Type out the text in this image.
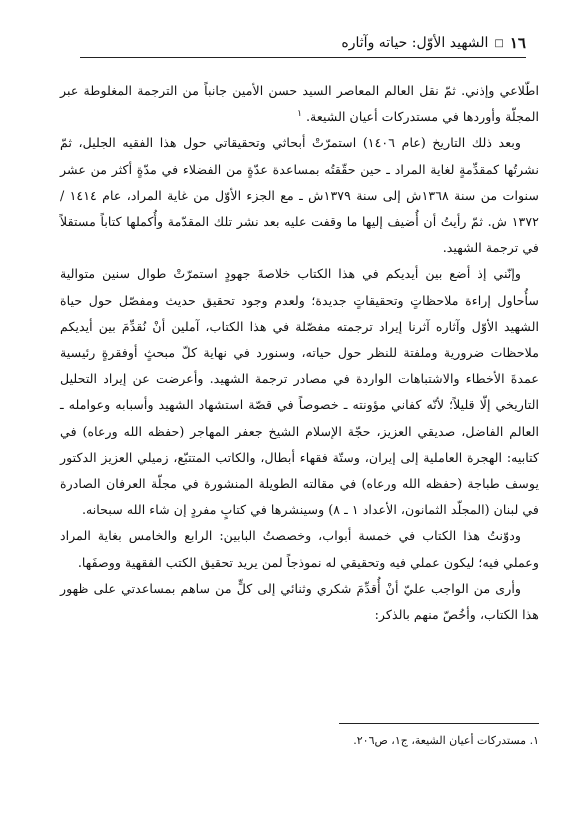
١٦
□
الشهيد الأوّل: حياته وآثاره

اطّلاعي وإذني. ثمّ نقل العالم المعاصر السيد حسن الأمين جانباً من الترجمة المغلوطة عبر المجلّة وأوردها في مستدركات أعيان الشيعة. $^١$

وبعد ذلك التاريخ (عام ١٤٠٦) استمرّتْ أبحاثي وتحقيقاتي حول هذا الفقيه الجليل، ثمّ نشرتُها كمقدِّمةٍ لغاية المراد ـ حين حقّقتُه بمساعدة عدّةٍ من الفضلاء في مدّةٍ أكثر من عشر سنوات من سنة ١٣٦٨ش إلى سنة ١٣٧٩ش ـ مع الجزء الأوّل من غاية المراد، عام ١٤١٤ / ١٣٧٢ ش. ثمّ رأيتُ أن أُضيف إليها ما وقفت عليه بعد نشر تلك المقدّمة وأُكملها كتاباً مستقلاً في ترجمة الشهيد.

وإنّني إذ أضع بين أيديكم في هذا الكتاب خلاصةَ جهودٍ استمرّتْ طوال سنين متوالية سأُحاول إراءة ملاحظاتٍ وتحقيقاتٍ جديدة؛ ولعدم وجود تحقيق حديث ومفصّل حول حياة الشهيد الأوّل وآثاره آثرنا إيراد ترجمته مفصّلة في هذا الكتاب، آملين أنْ نُقدِّمَ بين أيديكم ملاحظات ضرورية وملفتة للنظر حول حياته، وسنورد في نهاية كلّ مبحثٍ أوفقرةٍ رئيسية عمدةَ الأخطاء والاشتباهات الواردة في مصادر ترجمة الشهيد. وأعرضت عن إيراد التحليل التاريخي إلّا قليلاً؛ لأنّه كفاني مؤونته ـ خصوصاً في قصّة استشهاد الشهيد وأسبابه وعوامله ـ العالم الفاضل، صديقي العزيز، حجّة الإسلام الشيخ جعفر المهاجر (حفظه الله ورعاه) في كتابيه: الهجرة العاملية إلى إيران، وستّة فقهاء أبطال، والكاتب المتتبّع، زميلي العزيز الدكتور يوسف طباجة (حفظه الله ورعاه) في مقالته الطويلة المنشورة في مجلّة العرفان الصادرة في لبنان (المجلّد الثمانون، الأعداد ١ ـ ٨) وسينشرها في كتابٍ مفردٍ إن شاء الله سبحانه.

ودوّنتُ هذا الكتاب في خمسة أبواب، وخصصتُ البابين: الرابع والخامس بغاية المراد وعملي فيه؛ ليكون عملي فيه وتحقيقي له نموذجاً لمن يريد تحقيق الكتب الفقهية ووصفَها.

وأرى من الواجب عليّ أنْ أُقدِّمَ شكري وثنائي إلى كلٍّ من ساهم بمساعدتي على ظهور هذا الكتاب، وأخُصّ منهم بالذكر:

١. مستدركات أعيان الشيعة، ج١، ص٢٠٦.
